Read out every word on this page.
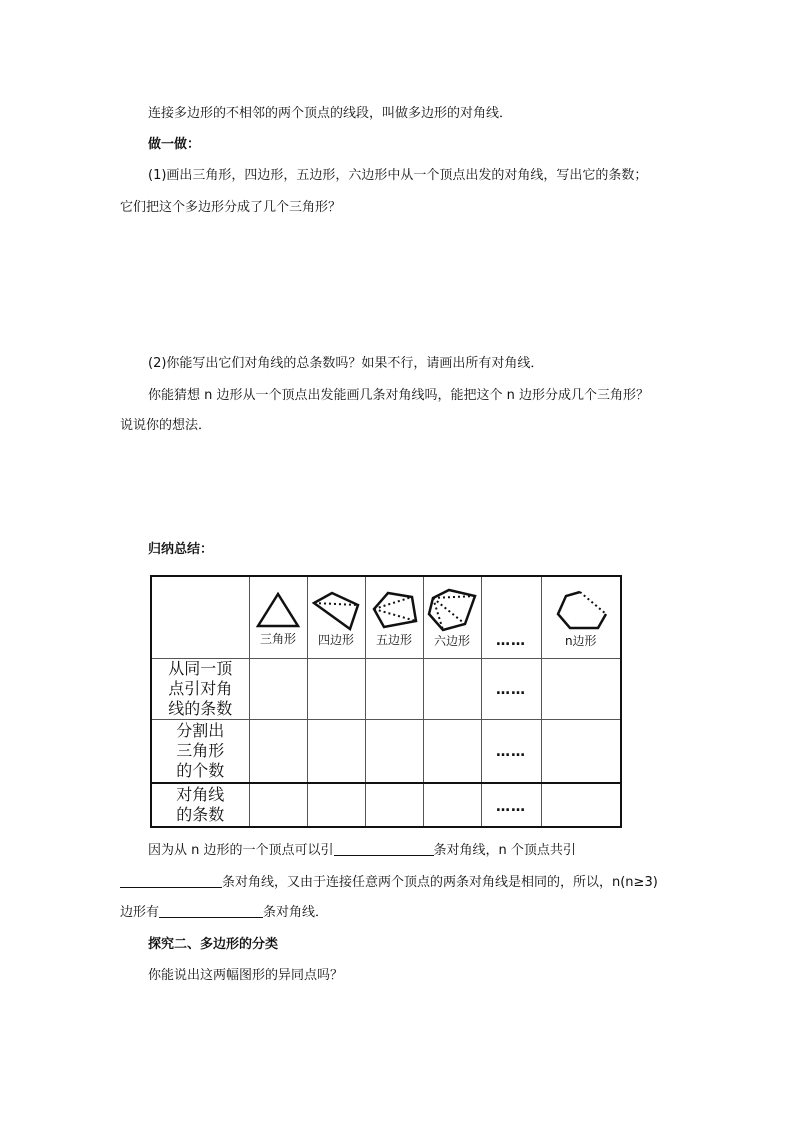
连接多边形的不相邻的两个顶点的线段，叫做多边形的对角线．
做一做：
(1)画出三角形，四边形，五边形，六边形中从一个顶点出发的对角线，写出它的条数；
它们把这个多边形分成了几个三角形？
(2)你能写出它们对角线的总条数吗？如果不行，请画出所有对角线．
你能猜想 n 边形从一个顶点出发能画几条对角线吗，能把这个 n 边形分成几个三角形？
说说你的想法．
归纳总结：

	三角形	四边形	五边形	六边形	……	n边形

从同一顶
点引对角
线的条数					……	

分割出
三角形
的个数					……	

对角线
的条数					……	
因为从 n 边形的一个顶点可以引	条对角线，n 个顶点共引
条对角线，又由于连接任意两个顶点的两条对角线是相同的，所以，n(n≥3)
边形有	条对角线．
探究二、多边形的分类
你能说出这两幅图形的异同点吗？
